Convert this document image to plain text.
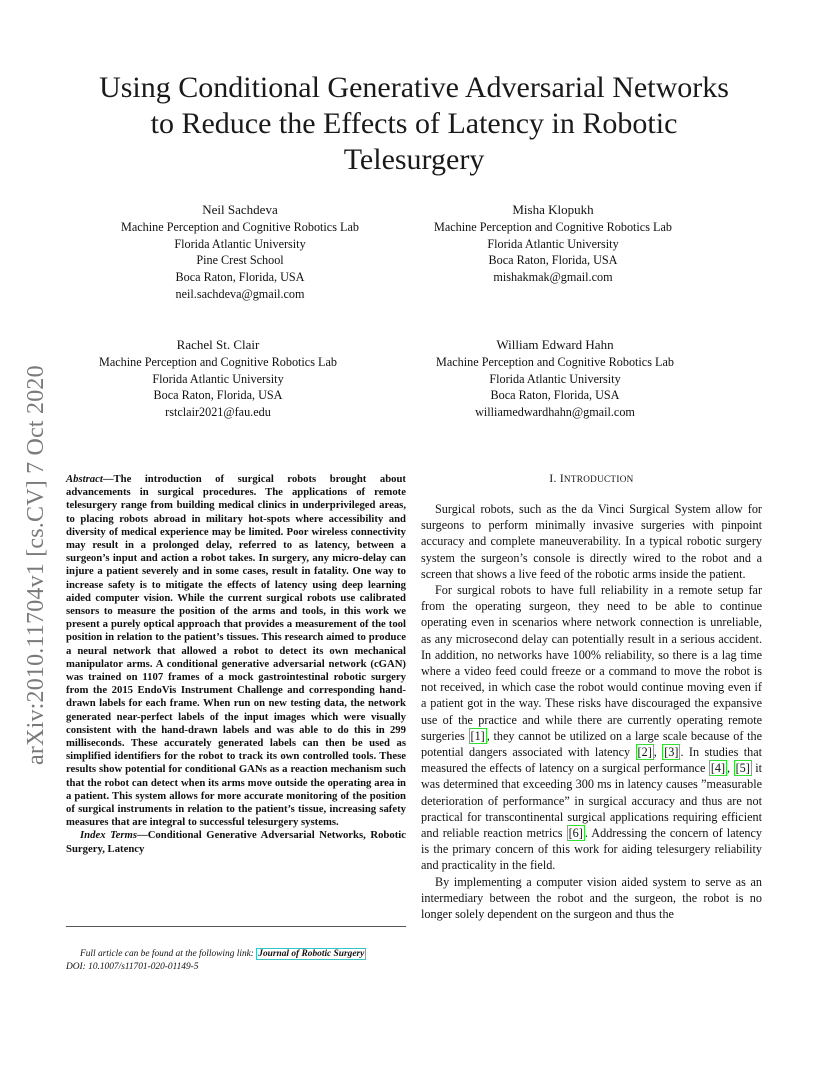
Using Conditional Generative Adversarial Networks
to Reduce the Effects of Latency in Robotic
Telesurgery
Neil Sachdeva
Machine Perception and Cognitive Robotics Lab
Florida Atlantic University
Pine Crest School
Boca Raton, Florida, USA
neil.sachdeva@gmail.com
Misha Klopukh
Machine Perception and Cognitive Robotics Lab
Florida Atlantic University
Boca Raton, Florida, USA
mishakmak@gmail.com
Rachel St. Clair
Machine Perception and Cognitive Robotics Lab
Florida Atlantic University
Boca Raton, Florida, USA
rstclair2021@fau.edu
William Edward Hahn
Machine Perception and Cognitive Robotics Lab
Florida Atlantic University
Boca Raton, Florida, USA
williamedwardhahn@gmail.com
arXiv:2010.11704v1 [cs.CV] 7 Oct 2020 Abstract—The introduction of surgical robots brought about advancements in surgical procedures. The applications of remote telesurgery range from building medical clinics in underprivileged areas, to placing robots abroad in military hot-spots where accessibility and diversity of medical experience may be limited. Poor wireless connectivity may result in a prolonged delay, referred to as latency, between a surgeon’s input and action a robot takes. In surgery, any micro-delay can injure a patient severely and in some cases, result in fatality. One way to increase safety is to mitigate the effects of latency using deep learning aided computer vision. While the current surgical robots use calibrated sensors to measure the position of the arms and tools, in this work we present a purely optical approach that provides a measurement of the tool position in relation to the patient’s tissues. This research aimed to produce a neural network that allowed a robot to detect its own mechanical manipulator arms. A conditional generative adversarial network (cGAN) was trained on 1107 frames of a mock gastrointestinal robotic surgery from the 2015 EndoVis Instrument Challenge and corresponding hand-drawn labels for each frame. When run on new testing data, the network generated near-perfect labels of the input images which were visually consistent with the hand-drawn labels and was able to do this in 299 milliseconds. These accurately generated labels can then be used as simplified identifiers for the robot to track its own controlled tools. These results show potential for conditional GANs as a reaction mechanism such that the robot can detect when its arms move outside the operating area in a patient. This system allows for more accurate monitoring of the position of surgical instruments in relation to the patient’s tissue, increasing safety measures that are integral to successful telesurgery systems.

Index Terms—Conditional Generative Adversarial Networks, Robotic Surgery, Latency

Full article can be found at the following link: Journal of Robotic Surgery

DOI: 10.1007/s11701-020-01149-5

I. INTRODUCTION

Surgical robots, such as the da Vinci Surgical System allow for surgeons to perform minimally invasive surgeries with pinpoint accuracy and complete maneuverability. In a typical robotic surgery system the surgeon’s console is directly wired to the robot and a screen that shows a live feed of the robotic arms inside the patient.

For surgical robots to have full reliability in a remote setup far from the operating surgeon, they need to be able to continue operating even in scenarios where network connection is unreliable, as any microsecond delay can potentially result in a serious accident. In addition, no networks have 100% reliability, so there is a lag time where a video feed could freeze or a command to move the robot is not received, in which case the robot would continue moving even if a patient got in the way. These risks have discouraged the expansive use of the practice and while there are currently operating remote surgeries [1] , they cannot be utilized on a large scale because of the potential dangers associated with latency [2] , [3] . In studies that measured the effects of latency on a surgical performance [4] , [5] it was determined that exceeding 300 ms in latency causes ”measurable deterioration of performance” in surgical accuracy and thus are not practical for transcontinental surgical applications requiring efficient and reliable reaction metrics [6] . Addressing the concern of latency is the primary concern of this work for aiding telesurgery reliability and practicality in the field.

By implementing a computer vision aided system to serve as an intermediary between the robot and the surgeon, the robot is no longer solely dependent on the surgeon and thus the
